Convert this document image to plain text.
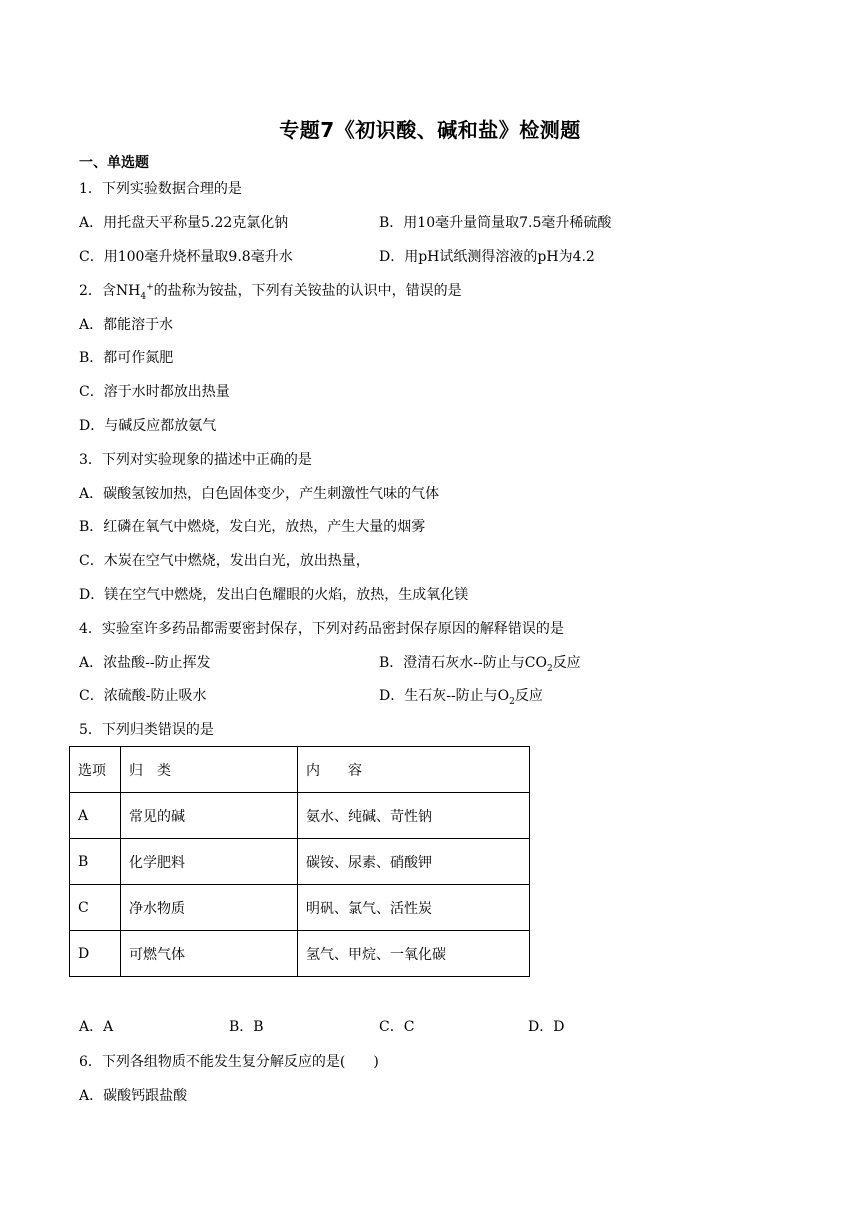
专题7《初识酸、碱和盐》检测题
一、单选题
1．下列实验数据合理的是
A．用托盘天平称量5.22克氯化钠	B．用10毫升量筒量取7.5毫升稀硫酸
C．用100毫升烧杯量取9.8毫升水	D．用pH试纸测得溶液的pH为4.2
2．含$NH_4^+$的盐称为铵盐，下列有关铵盐的认识中，错误的是
A．都能溶于水
B．都可作氮肥
C．溶于水时都放出热量
D．与碱反应都放氨气
3．下列对实验现象的描述中正确的是
A．碳酸氢铵加热，白色固体变少，产生刺激性气味的气体
B．红磷在氧气中燃烧，发白光，放热，产生大量的烟雾
C．木炭在空气中燃烧，发出白光，放出热量，
D．镁在空气中燃烧，发出白色耀眼的火焰，放热，生成氧化镁
4．实验室许多药品都需要密封保存，下列对药品密封保存原因的解释错误的是
A．浓盐酸--防止挥发	B．澄清石灰水--防止与$CO_2$反应
C．浓硫酸-防止吸水	D．生石灰--防止与$O_2$反应
5．下列归类错误的是
选项	归　类	内　　容
A	常见的碱	氨水、纯碱、苛性钠
B	化学肥料	碳铵、尿素、硝酸钾
C	净水物质	明矾、氯气、活性炭
D	可燃气体	氢气、甲烷、一氧化碳
A．A	B．B	C．C	D．D
6．下列各组物质不能发生复分解反应的是(　　)
A．碳酸钙跟盐酸
